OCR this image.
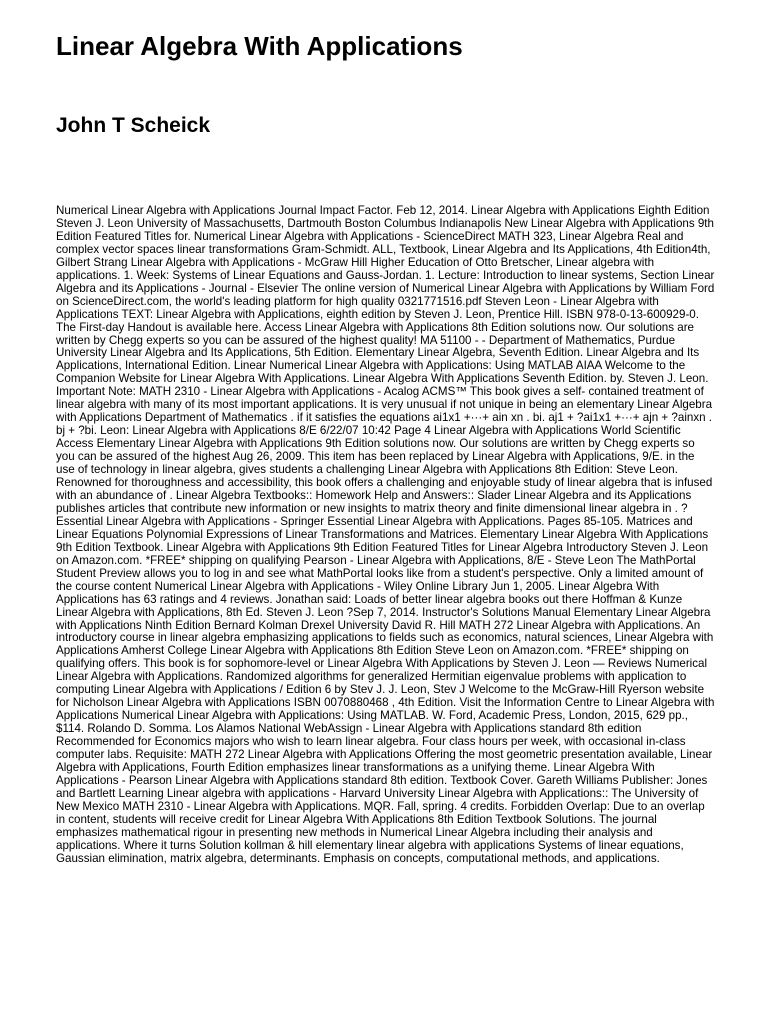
Linear Algebra With Applications
John T Scheick

Numerical Linear Algebra with Applications Journal Impact Factor. Feb 12, 2014. Linear Algebra with Applications Eighth Edition Steven J. Leon University of Massachusetts, Dartmouth Boston Columbus Indianapolis New Linear Algebra with Applications 9th Edition Featured Titles for. Numerical Linear Algebra with Applications - ScienceDirect MATH 323, Linear Algebra Real and complex vector spaces linear transformations Gram-Schmidt. ALL, Textbook, Linear Algebra and Its Applications, 4th Edition4th, Gilbert Strang Linear Algebra with Applications - McGraw Hill Higher Education of Otto Bretscher, Linear algebra with applications. 1. Week: Systems of Linear Equations and Gauss-Jordan. 1. Lecture: Introduction to linear systems, Section Linear Algebra and its Applications - Journal - Elsevier The online version of Numerical Linear Algebra with Applications by William Ford on ScienceDirect.com, the world's leading platform for high quality 0321771516.pdf Steven Leon - Linear Algebra with Applications TEXT: Linear Algebra with Applications, eighth edition by Steven J. Leon, Prentice Hill. ISBN 978-0-13-600929-0. The First-day Handout is available here. Access Linear Algebra with Applications 8th Edition solutions now. Our solutions are written by Chegg experts so you can be assured of the highest quality! MA 51100 - - Department of Mathematics, Purdue University Linear Algebra and Its Applications, 5th Edition. Elementary Linear Algebra, Seventh Edition. Linear Algebra and Its Applications, International Edition. Linear Numerical Linear Algebra with Applications: Using MATLAB AIAA Welcome to the Companion Website for Linear Algebra With Applications. Linear Algebra With Applications Seventh Edition. by. Steven J. Leon. Important Note: MATH 2310 - Linear Algebra with Applications - Acalog ACMS™ This book gives a self- contained treatment of linear algebra with many of its most important applications. It is very unusual if not unique in being an elementary Linear Algebra with Applications Department of Mathematics . if it satisfies the equations ai1x1 +···+ ain xn . bi. aj1 + ?ai1x1 +···+ ajn + ?ainxn . bj + ?bi. Leon: Linear Algebra with Applications 8/E 6/22/07 10:42 Page 4 Linear Algebra with Applications World Scientific Access Elementary Linear Algebra with Applications 9th Edition solutions now. Our solutions are written by Chegg experts so you can be assured of the highest Aug 26, 2009. This item has been replaced by Linear Algebra with Applications, 9/E. in the use of technology in linear algebra, gives students a challenging Linear Algebra with Applications 8th Edition: Steve Leon. Renowned for thoroughness and accessibility, this book offers a challenging and enjoyable study of linear algebra that is infused with an abundance of . Linear Algebra Textbooks:: Homework Help and Answers:: Slader Linear Algebra and its Applications publishes articles that contribute new information or new insights to matrix theory and finite dimensional linear algebra in . ?Essential Linear Algebra with Applications - Springer Essential Linear Algebra with Applications. Pages 85-105. Matrices and Linear Equations Polynomial Expressions of Linear Transformations and Matrices. Elementary Linear Algebra With Applications 9th Edition Textbook. Linear Algebra with Applications 9th Edition Featured Titles for Linear Algebra Introductory Steven J. Leon on Amazon.com. *FREE* shipping on qualifying Pearson - Linear Algebra with Applications, 8/E - Steve Leon The MathPortal Student Preview allows you to log in and see what MathPortal looks like from a student's perspective. Only a limited amount of the course content Numerical Linear Algebra with Applications - Wiley Online Library Jun 1, 2005. Linear Algebra With Applications has 63 ratings and 4 reviews. Jonathan said: Loads of better linear algebra books out there Hoffman & Kunze Linear Algebra with Applications, 8th Ed. Steven J. Leon ?Sep 7, 2014. Instructor's Solutions Manual Elementary Linear Algebra with Applications Ninth Edition Bernard Kolman Drexel University David R. Hill MATH 272 Linear Algebra with Applications. An introductory course in linear algebra emphasizing applications to fields such as economics, natural sciences, Linear Algebra with Applications Amherst College Linear Algebra with Applications 8th Edition Steve Leon on Amazon.com. *FREE* shipping on qualifying offers. This book is for sophomore-level or Linear Algebra With Applications by Steven J. Leon — Reviews Numerical Linear Algebra with Applications. Randomized algorithms for generalized Hermitian eigenvalue problems with application to computing Linear Algebra with Applications / Edition 6 by Stev J. J. Leon, Stev J Welcome to the McGraw-Hill Ryerson website for Nicholson Linear Algebra with Applications ISBN 0070880468 , 4th Edition. Visit the Information Centre to Linear Algebra with Applications Numerical Linear Algebra with Applications: Using MATLAB. W. Ford, Academic Press, London, 2015, 629 pp., $114. Rolando D. Somma. Los Alamos National WebAssign - Linear Algebra with Applications standard 8th edition Recommended for Economics majors who wish to learn linear algebra. Four class hours per week, with occasional in-class computer labs. Requisite: MATH 272 Linear Algebra with Applications Offering the most geometric presentation available, Linear Algebra with Applications, Fourth Edition emphasizes linear transformations as a unifying theme. Linear Algebra With Applications - Pearson Linear Algebra with Applications standard 8th edition. Textbook Cover. Gareth Williams Publisher: Jones and Bartlett Learning Linear algebra with applications - Harvard University Linear Algebra with Applications:: The University of New Mexico MATH 2310 - Linear Algebra with Applications. MQR. Fall, spring. 4 credits. Forbidden Overlap: Due to an overlap in content, students will receive credit for Linear Algebra With Applications 8th Edition Textbook Solutions. The journal emphasizes mathematical rigour in presenting new methods in Numerical Linear Algebra including their analysis and applications. Where it turns Solution kollman & hill elementary linear algebra with applications Systems of linear equations, Gaussian elimination, matrix algebra, determinants. Emphasis on concepts, computational methods, and applications.
